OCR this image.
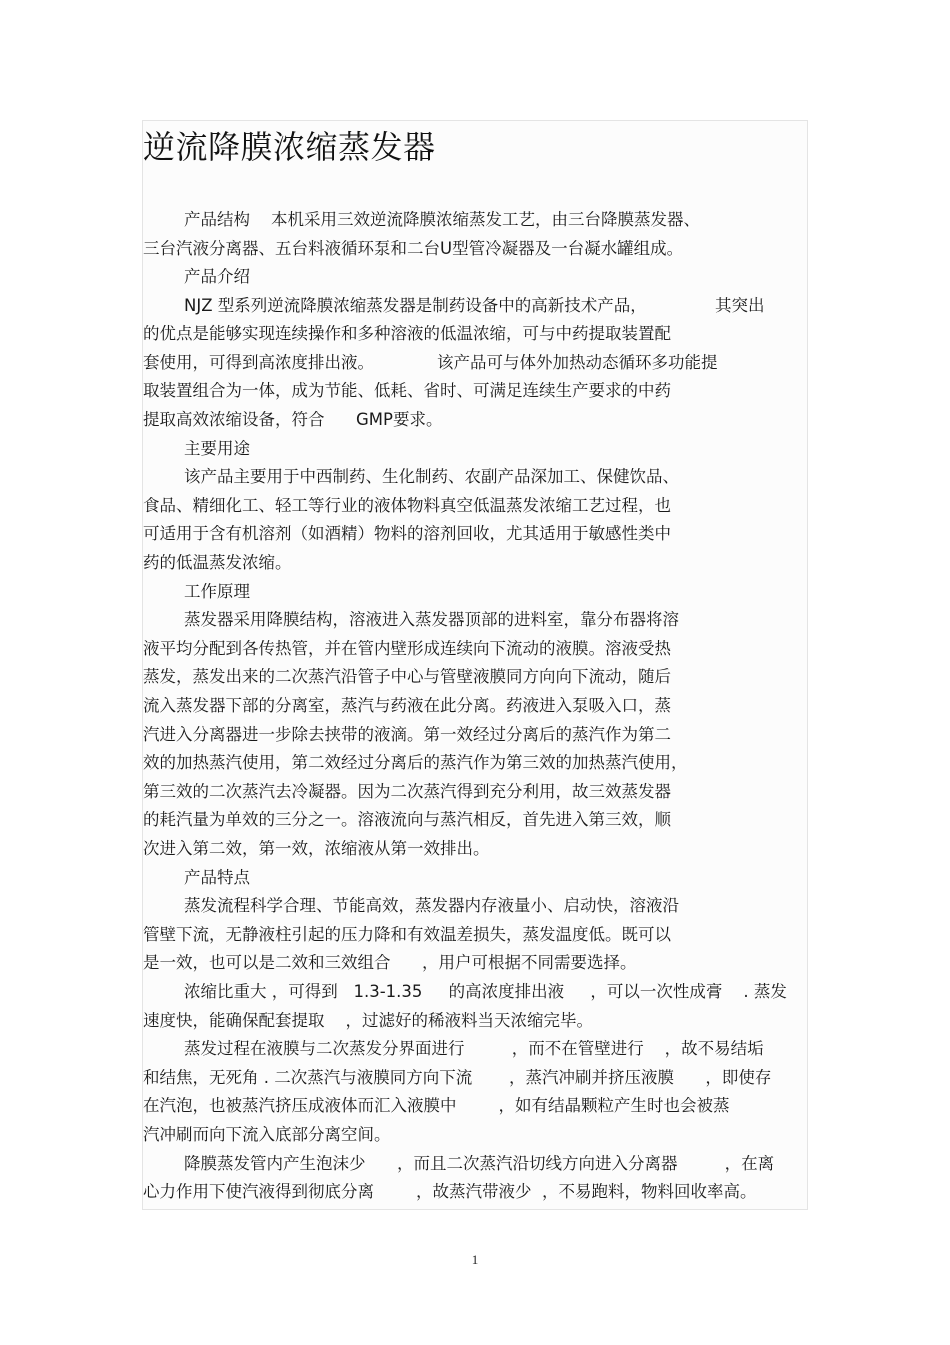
逆流降膜浓缩蒸发器

产品结构    本机采用三效逆流降膜浓缩蒸发工艺，由三台降膜蒸发器、

三台汽液分离器、五台料液循环泵和二台U型管冷凝器及一台凝水罐组成。

产品介绍

NJZ 型系列逆流降膜浓缩蒸发器是制药设备中的高新技术产品，             其突出

的优点是能够实现连续操作和多种溶液的低温浓缩，可与中药提取装置配

套使用，可得到高浓度排出液。            该产品可与体外加热动态循环多功能提

取装置组合为一体，成为节能、低耗、省时、可满足连续生产要求的中药

提取高效浓缩设备，符合      GMP要求。

主要用途

该产品主要用于中西制药、生化制药、农副产品深加工、保健饮品、

食品、精细化工、轻工等行业的液体物料真空低温蒸发浓缩工艺过程，也

可适用于含有机溶剂（如酒精）物料的溶剂回收，尤其适用于敏感性类中

药的低温蒸发浓缩。

工作原理

蒸发器采用降膜结构，溶液进入蒸发器顶部的进料室，靠分布器将溶

液平均分配到各传热管，并在管内壁形成连续向下流动的液膜。溶液受热

蒸发，蒸发出来的二次蒸汽沿管子中心与管壁液膜同方向向下流动，随后

流入蒸发器下部的分离室，蒸汽与药液在此分离。药液进入泵吸入口，蒸

汽进入分离器进一步除去挟带的液滴。第一效经过分离后的蒸汽作为第二

效的加热蒸汽使用，第二效经过分离后的蒸汽作为第三效的加热蒸汽使用，

第三效的二次蒸汽去冷凝器。因为二次蒸汽得到充分利用，故三效蒸发器

的耗汽量为单效的三分之一。溶液流向与蒸汽相反，首先进入第三效，顺

次进入第二效，第一效，浓缩液从第一效排出。

产品特点

蒸发流程科学合理、节能高效，蒸发器内存液量小、启动快，溶液沿

管壁下流，无静液柱引起的压力降和有效温差损失，蒸发温度低。既可以

是一效，也可以是二效和三效组合      ，用户可根据不同需要选择。

浓缩比重大 ，可得到   1.3-1.35     的高浓度排出液     ，可以一次性成膏    . 蒸发

速度快，能确保配套提取    ，过滤好的稀液料当天浓缩完毕。

蒸发过程在液膜与二次蒸发分界面进行         ，而不在管壁进行    ，故不易结垢

和结焦，无死角 . 二次蒸汽与液膜同方向下流       ，蒸汽冲刷并挤压液膜      ，即使存

在汽泡，也被蒸汽挤压成液体而汇入液膜中        ，如有结晶颗粒产生时也会被蒸

汽冲刷而向下流入底部分离空间。

降膜蒸发管内产生泡沫少      ，而且二次蒸汽沿切线方向进入分离器         ，在离

心力作用下使汽液得到彻底分离        ，故蒸汽带液少  ，不易跑料，物料回收率高。

1
